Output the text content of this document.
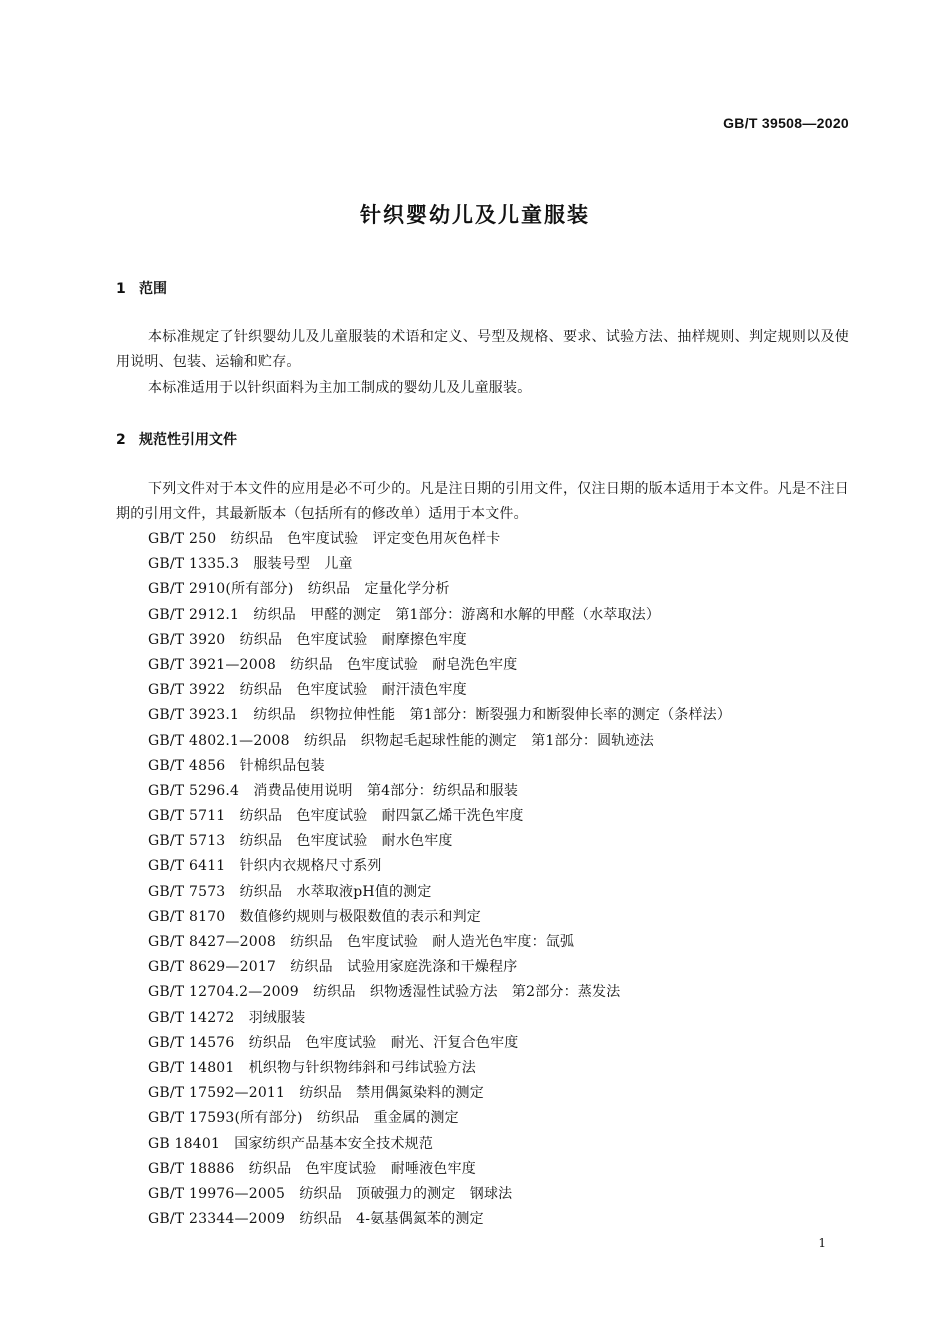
GB/T 39508—2020
针织婴幼儿及儿童服装
1 范围
本标准规定了针织婴幼儿及儿童服装的术语和定义、号型及规格、要求、试验方法、抽样规则、判定规则以及使用说明、包装、运输和贮存。
本标准适用于以针织面料为主加工制成的婴幼儿及儿童服装。
2 规范性引用文件
下列文件对于本文件的应用是必不可少的。凡是注日期的引用文件，仅注日期的版本适用于本文件。凡是不注日期的引用文件，其最新版本（包括所有的修改单）适用于本文件。
GB/T 250　纺织品　色牢度试验　评定变色用灰色样卡
GB/T 1335.3　服装号型　儿童
GB/T 2910(所有部分)　纺织品　定量化学分析
GB/T 2912.1　纺织品　甲醛的测定　第1部分：游离和水解的甲醛（水萃取法）
GB/T 3920　纺织品　色牢度试验　耐摩擦色牢度
GB/T 3921—2008　纺织品　色牢度试验　耐皂洗色牢度
GB/T 3922　纺织品　色牢度试验　耐汗渍色牢度
GB/T 3923.1　纺织品　织物拉伸性能　第1部分：断裂强力和断裂伸长率的测定（条样法）
GB/T 4802.1—2008　纺织品　织物起毛起球性能的测定　第1部分：圆轨迹法
GB/T 4856　针棉织品包装
GB/T 5296.4　消费品使用说明　第4部分：纺织品和服装
GB/T 5711　纺织品　色牢度试验　耐四氯乙烯干洗色牢度
GB/T 5713　纺织品　色牢度试验　耐水色牢度
GB/T 6411　针织内衣规格尺寸系列
GB/T 7573　纺织品　水萃取液pH值的测定
GB/T 8170　数值修约规则与极限数值的表示和判定
GB/T 8427—2008　纺织品　色牢度试验　耐人造光色牢度：氙弧
GB/T 8629—2017　纺织品　试验用家庭洗涤和干燥程序
GB/T 12704.2—2009　纺织品　织物透湿性试验方法　第2部分：蒸发法
GB/T 14272　羽绒服装
GB/T 14576　纺织品　色牢度试验　耐光、汗复合色牢度
GB/T 14801　机织物与针织物纬斜和弓纬试验方法
GB/T 17592—2011　纺织品　禁用偶氮染料的测定
GB/T 17593(所有部分)　纺织品　重金属的测定
GB 18401　国家纺织产品基本安全技术规范
GB/T 18886　纺织品　色牢度试验　耐唾液色牢度
GB/T 19976—2005　纺织品　顶破强力的测定　钢球法
GB/T 23344—2009　纺织品　4-氨基偶氮苯的测定
1
